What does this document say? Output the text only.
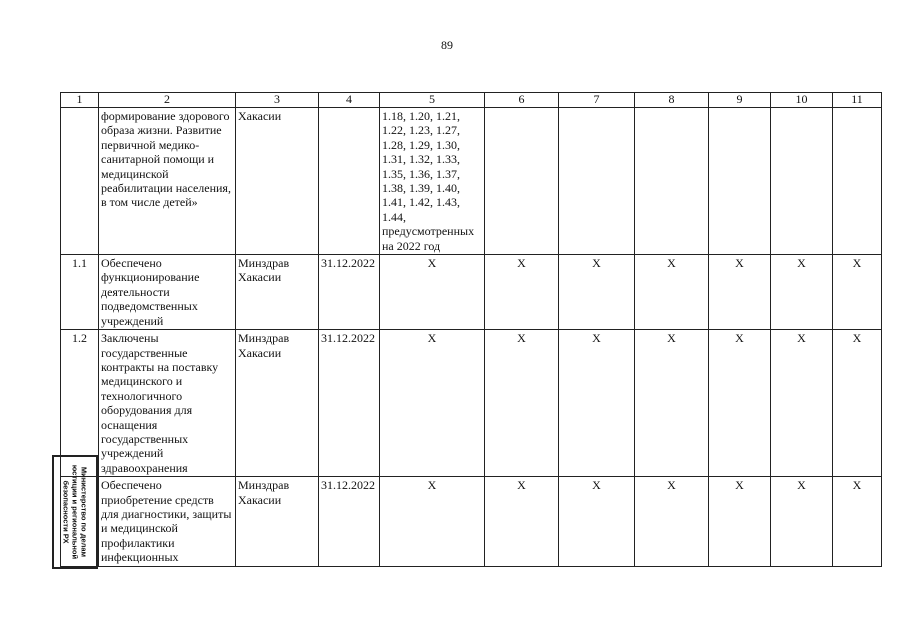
89
1	2	3	4	5	6	7	8	9	10	11
	формирование здорового образа жизни. Развитие первичной медико-санитарной помощи и медицинской реабилитации населения, в том числе детей»	Хакасии		1.18, 1.20, 1.21, 1.22, 1.23, 1.27, 1.28, 1.29, 1.30, 1.31, 1.32, 1.33, 1.35, 1.36, 1.37, 1.38, 1.39, 1.40, 1.41, 1.42, 1.43, 1.44, предусмотренных на 2022 год						
1.1	Обеспечено функционирование деятельности подведомственных учреждений	Минздрав Хакасии	31.12.2022	Х	Х	Х	Х	Х	Х	Х
1.2	Заключены государственные контракты на поставку медицинского и технологичного оборудования для оснащения государственных учреждений здравоохранения	Минздрав Хакасии	31.12.2022	Х	Х	Х	Х	Х	Х	Х
	Обеспечено приобретение средств для диагностики, защиты и медицинской профилактики инфекционных	Минздрав Хакасии	31.12.2022	Х	Х	Х	Х	Х	Х	Х
Министерство по делам
юстиции и региональной
безопасности РХ
